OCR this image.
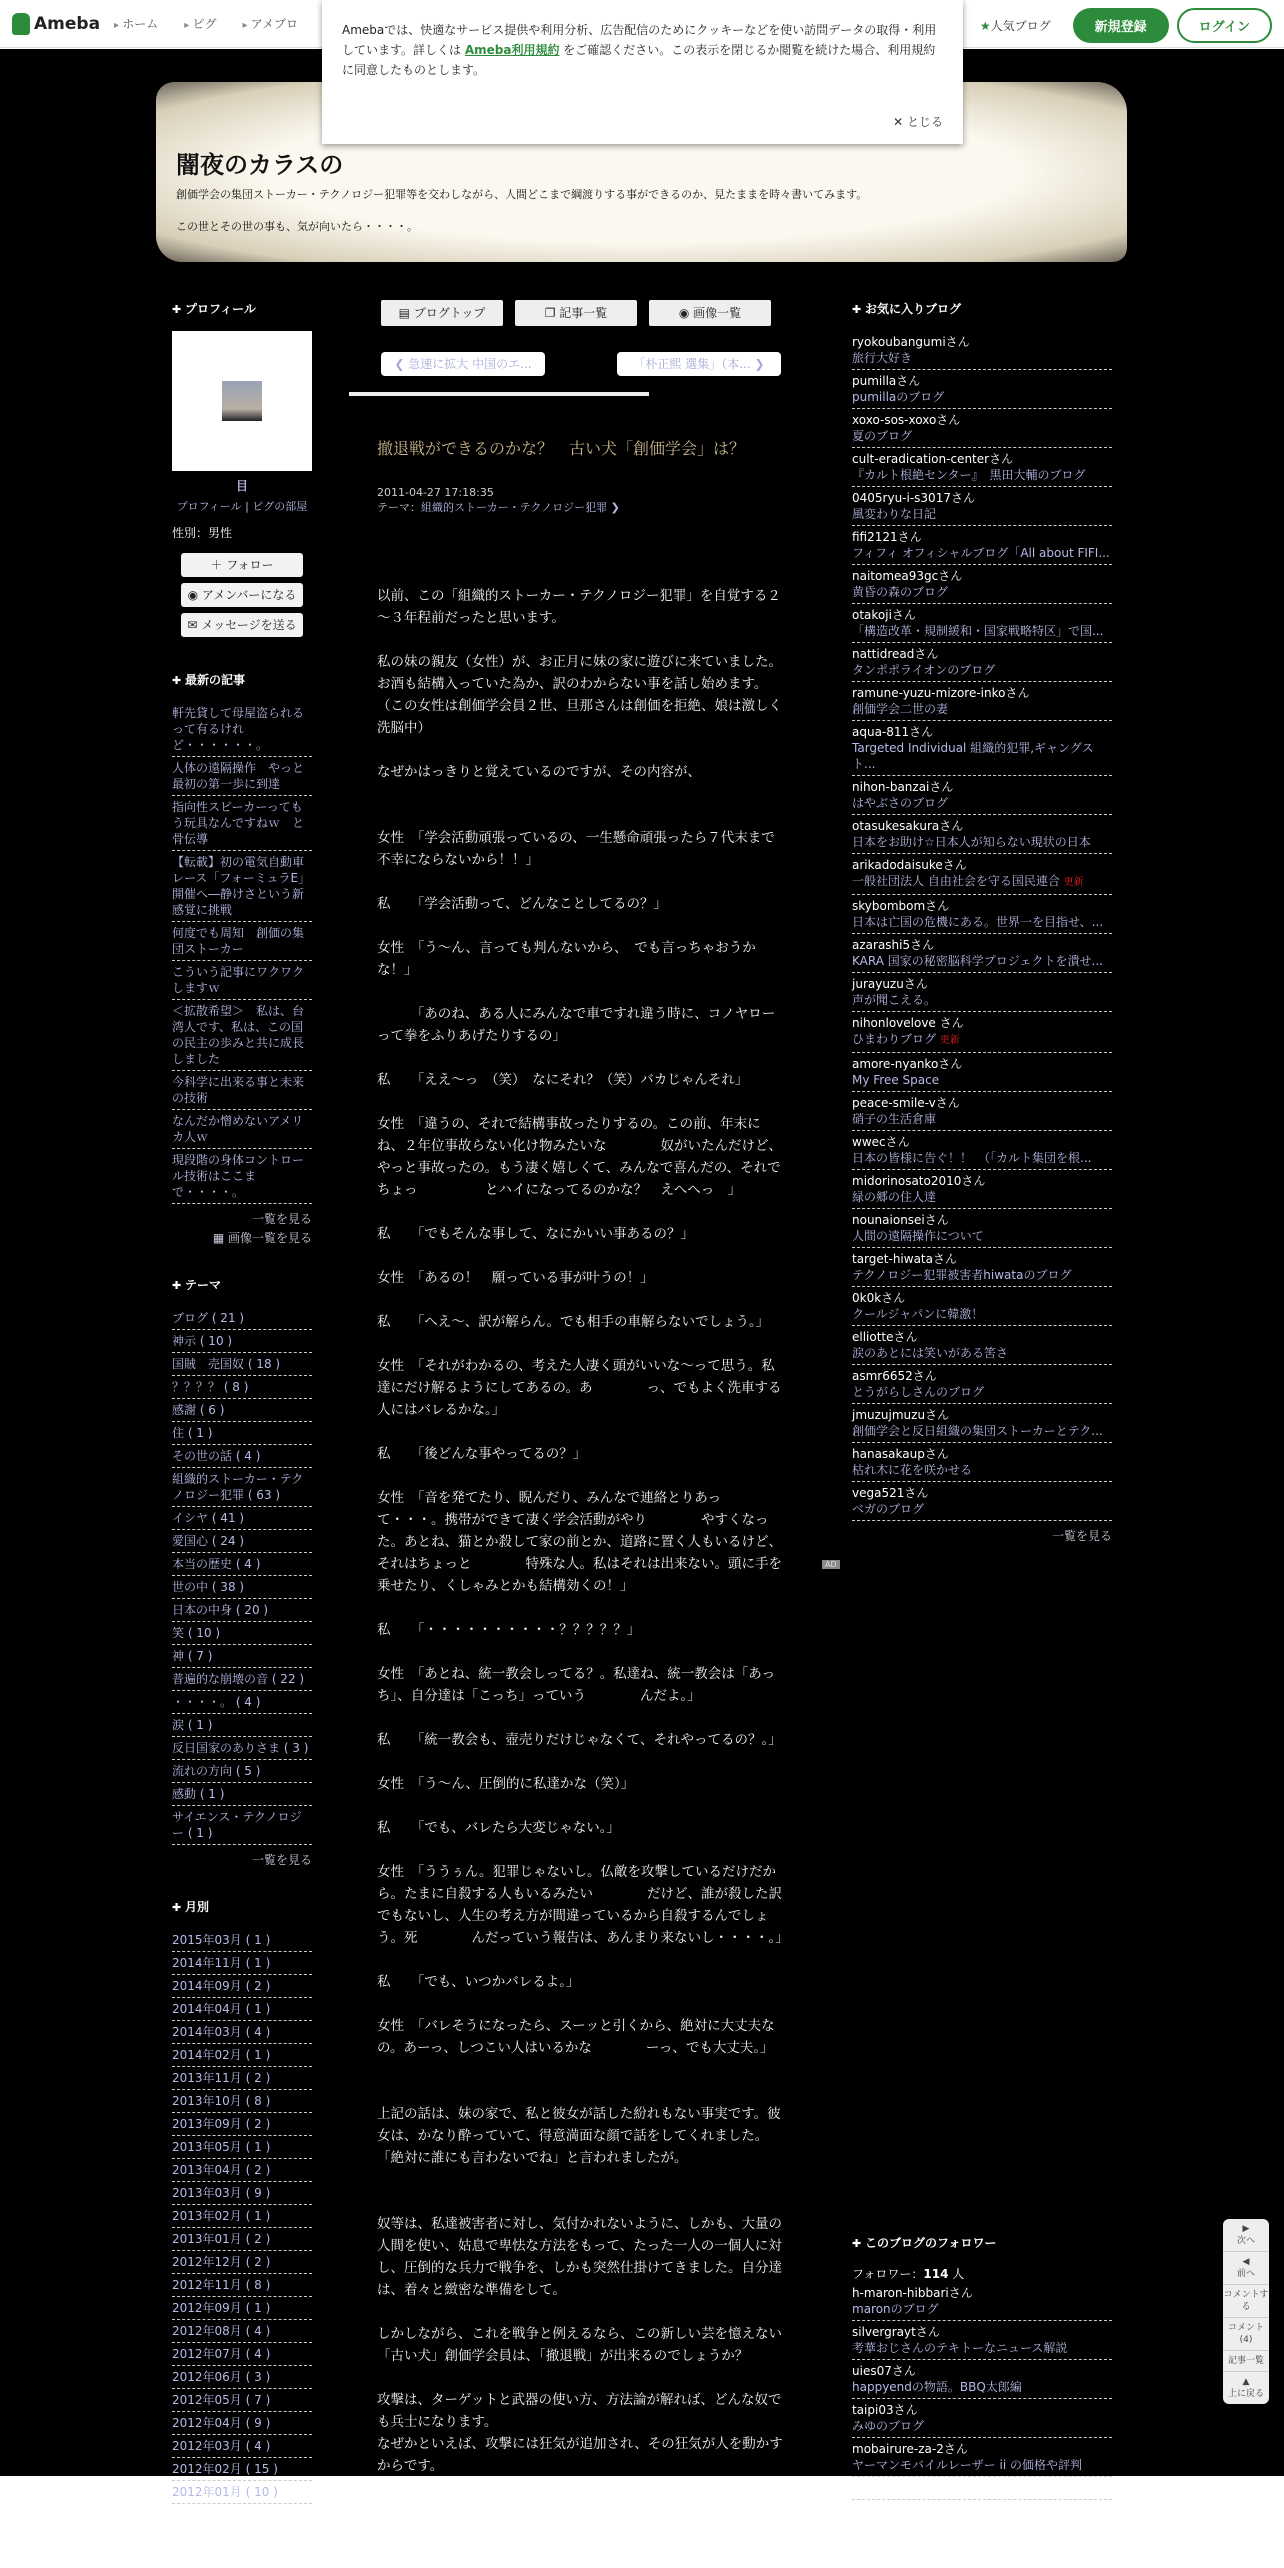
Ameba	▸ ホーム	▸ ピグ	▸ アメブロ	★人気ブログ	新規登録	ログイン
Amebaでは、快適なサービス提供や利用分析、広告配信のためにクッキーなどを使い訪問データの取得・利用しています。詳しくは Ameba利用規約 をご確認ください。この表示を閉じるか閲覧を続けた場合、利用規約に同意したものとします。
✕ とじる
闇夜のカラスの
創価学会の集団ストーカー・テクノロジー犯罪等を交わしながら、人間どこまで綱渡りする事ができるのか、見たままを時々書いてみます。
この世とその世の事も、気が向いたら・・・・。
✚ プロフィール
目
プロフィール | ピグの部屋
性別：男性
＋ フォロー
◉ アメンバーになる
✉ メッセージを送る
✚ 最新の記事
軒先貸して母屋盗られるって有るけれど・・・・・・。
人体の遠隔操作　やっと最初の第一歩に到達
指向性スピーカーってもう玩具なんですねｗ　と骨伝導
【転載】初の電気自動車レース「フォーミュラE」開催へ―静けさという新感覚に挑戦
何度でも周知　創価の集団ストーカー
こういう記事にワクワクしますｗ
＜拡散希望＞　私は、台湾人です、私は、この国の民主の歩みと共に成長しました
今科学に出来る事と未来の技術
なんだか憎めないアメリカ人ｗ
現段階の身体コントロール技術はここまで・・・・。
一覧を見る
▦ 画像一覧を見る
✚ テーマ
ブログ ( 21 )
神示 ( 10 )
国賊　売国奴 ( 18 )
？？？？ ( 8 )
感謝 ( 6 )
住 ( 1 )
その世の話 ( 4 )
組織的ストーカー・テクノロジー犯罪 ( 63 )
イシヤ ( 41 )
愛国心 ( 24 )
本当の歴史 ( 4 )
世の中 ( 38 )
日本の中身 ( 20 )
笑 ( 10 )
神 ( 7 )
普遍的な崩壊の音 ( 22 )
・・・・。 ( 4 )
涙 ( 1 )
反日国家のありさま ( 3 )
流れの方向 ( 5 )
感動 ( 1 )
サイエンス・テクノロジー ( 1 )
一覧を見る
✚ 月別
2015年03月 ( 1 )
2014年11月 ( 1 )
2014年09月 ( 2 )
2014年04月 ( 1 )
2014年03月 ( 4 )
2014年02月 ( 1 )
2013年11月 ( 2 )
2013年10月 ( 8 )
2013年09月 ( 2 )
2013年05月 ( 1 )
2013年04月 ( 2 )
2013年03月 ( 9 )
2013年02月 ( 1 )
2013年01月 ( 2 )
2012年12月 ( 2 )
2012年11月 ( 8 )
2012年09月 ( 1 )
2012年08月 ( 4 )
2012年07月 ( 4 )
2012年06月 ( 3 )
2012年05月 ( 7 )
2012年04月 ( 9 )
2012年03月 ( 4 )
2012年02月 ( 15 )
2012年01月 ( 10 )
▤ ブログトップ	❐ 記事一覧	◉ 画像一覧
❮ 急速に拡大 中国のエ...	「朴正煕 選集」（本... ❯
撤退戦ができるのかな？　古い犬「創価学会」は？
2011-04-27 17:18:35
テーマ：組織的ストーカー・テクノロジー犯罪 ❯

以前、この「組織的ストーカー・テクノロジー犯罪」を自覚する２～３年程前だったと思います。

私の妹の親友（女性）が、お正月に妹の家に遊びに来ていました。お酒も結構入っていた為か、訳のわからない事を話し始めます。（この女性は創価学会員２世、旦那さんは創価を拒絶、娘は激しく洗脳中）

なぜかはっきりと覚えているのですが、その内容が、

女性　「学会活動頑張っているの、一生懸命頑張ったら７代末まで不幸にならないから！！」

私　　「学会活動って、どんなことしてるの？」

女性　「う～ん、言っても判んないから、　でも言っちゃおうかな！」

　　　「あのね、ある人にみんなで車ですれ違う時に、コノヤローって拳をふりあげたりするの」

私　　「ええ～っ　（笑）　なにそれ？（笑）バカじゃんそれ」

女性　「違うの、それで結構事故ったりするの。この前、年末にね、２年位事故らない化け物みたいな　　　　奴がいたんだけど、やっと事故ったの。もう凄く嬉しくて、みんなで喜んだの、それでちょっ　　　　　とハイになってるのかな？　えへへっ　」

私　　「でもそんな事して、なにかいい事あるの？」

女性　「あるの！　願っている事が叶うの！」

私　　「へえ～、訳が解らん。でも相手の車解らないでしょう。」

女性　「それがわかるの、考えた人凄く頭がいいな～って思う。私達にだけ解るようにしてあるの。あ　　　　っ、でもよく洗車する人にはバレるかな。」

私　　「後どんな事やってるの？」

女性　「音を発てたり、睨んだり、みんなで連絡とりあって・・・。携帯ができて凄く学会活動がやり　　　　やすくなった。あとね、猫とか殺して家の前とか、道路に置く人もいるけど、それはちょっと　　　　特殊な人。私はそれは出来ない。頭に手を乗せたり、くしゃみとかも結構効くの！」

私　　「・・・・・・・・・・？？？？？」

女性　「あとね、統一教会しってる？。私達ね、統一教会は「あっち」、自分達は「こっち」っていう　　　　んだよ。」

私　　「統一教会も、壺売りだけじゃなくて、それやってるの？。」

女性　「う～ん、圧倒的に私達かな（笑）」

私　　「でも、バレたら大変じゃない。」

女性　「ううぅん。犯罪じゃないし。仏敵を攻撃しているだけだから。たまに自殺する人もいるみたい　　　　だけど、誰が殺した訳でもないし、人生の考え方が間違っているから自殺するんでしょう。死　　　　んだっていう報告は、あんまり来ないし・・・・。」

私　　「でも、いつかバレるよ。」

女性　「バレそうになったら、スーッと引くから、絶対に大丈夫なの。あーっ、しつこい人はいるかな　　　　ーっ、でも大丈夫。」

上記の話は、妹の家で、私と彼女が話した紛れもない事実です。彼女は、かなり酔っていて、得意満面な顔で話をしてくれました。「絶対に誰にも言わないでね」と言われましたが。

奴等は、私達被害者に対し、気付かれないように、しかも、大量の人間を使い、姑息で卑怯な方法をもって、たった一人の一個人に対し、圧倒的な兵力で戦争を、しかも突然仕掛けてきました。自分達は、着々と緻密な準備をして。

しかしながら、これを戦争と例えるなら、この新しい芸を憶えない「古い犬」創価学会員は、「撤退戦」が出来るのでしょうか？

攻撃は、ターゲットと武器の使い方、方法論が解れば、どんな奴でも兵士になります。
なぜかといえば、攻撃には狂気が追加され、その狂気が人を動かすからです。

✚ お気に入りブログ
ryokoubangumiさん
旅行大好き
pumillaさん
pumillaのブログ
xoxo-sos-xoxoさん
夏のブログ
cult-eradication-centerさん
『カルト根絶センター』　黒田大輔のブログ
0405ryu-i-s3017さん
風変わりな日記
fifi2121さん
フィフィ オフィシャルブログ「All about FIFI...
naitomea93gcさん
黄昏の森のブログ
otakojiさん
「構造改革・規制緩和・国家戦略特区」で国...
nattidreadさん
タンポポライオンのブログ
ramune-yuzu-mizore-inkoさん
創価学会二世の妻
aqua-811さん
Targeted Individual 組織的犯罪,ギャングスト...
nihon-banzaiさん
はやぶさのブログ
otasukesakuraさん
日本をお助け☆日本人が知らない現状の日本
arikadodaisukeさん
一般社団法人 自由社会を守る国民連合 更新
skybombomさん
日本は亡国の危機にある。世界一を目指せ、...
azarashi5さん
KARA 国家の秘密脳科学プロジェクトを潰せ...
jurayuzuさん
声が聞こえる。
nihonlovelove さん
ひまわりブログ 更新
amore-nyankoさん
My Free Space
peace-smile-vさん
硝子の生活倉庫
wwecさん
日本の皆様に告ぐ！！　（「カルト集団を根...
midorinosato2010さん
緑の郷の住人達
nounaionseiさん
人間の遠隔操作について
target-hiwataさん
テクノロジー犯罪被害者hiwataのブログ
0k0kさん
クールジャパンに韓激！
elliotteさん
涙のあとには笑いがある筈さ
asmr6652さん
とうがらしさんのブログ
jmuzujmuzuさん
創価学会と反日組織の集団ストーカーとテク...
hanasakaupさん
枯れ木に花を咲かせる
vega521さん
ベガのブログ
一覧を見る
AD
✚ このブログのフォロワー
フォロワー：114 人
h-maron-hibbariさん
maronのブログ
silvergraytさん
考華おじさんのテキトーなニュース解説
uies07さん
happyendの物語。BBQ太郎編
taipi03さん
みゆのブログ
mobairure-za-2さん
ヤーマンモバイルレーザー ii の価格や評判
nemu0-5nemuさん
▶
次へ
◀
前へ
コメントする
コメント(4)
記事一覧
▲
上に戻る
